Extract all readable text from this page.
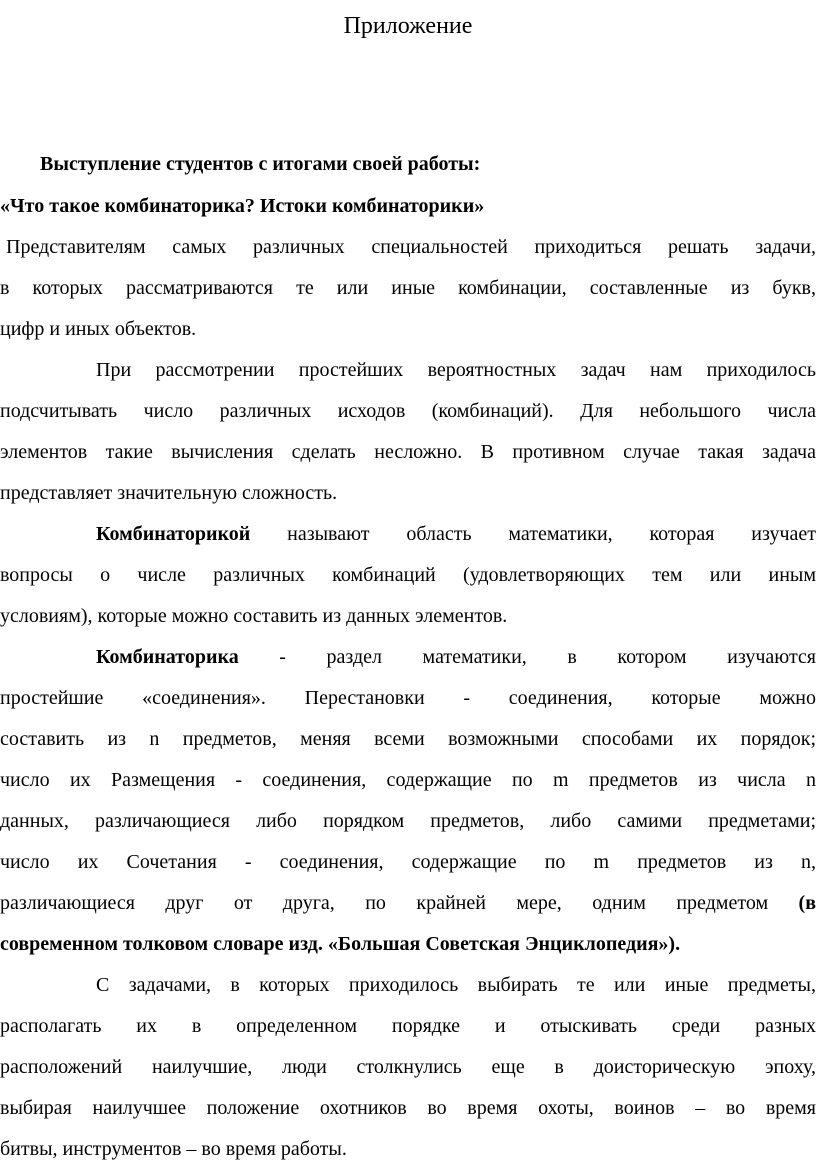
Приложение
Выступление студентов с итогами своей работы:
«Что такое комбинаторика? Истоки комбинаторики»
Представителям самых различных специальностей приходиться решать задачи,
в которых рассматриваются те или иные комбинации, составленные из букв,
цифр и иных объектов.
При рассмотрении простейших вероятностных задач нам приходилось
подсчитывать число различных исходов (комбинаций). Для небольшого числа
элементов такие вычисления сделать несложно. В противном случае такая задача
представляет значительную сложность.
Комбинаторикой называют область математики, которая изучает
вопросы о числе различных комбинаций (удовлетворяющих тем или иным
условиям), которые можно составить из данных элементов.
Комбинаторика - раздел математики, в котором изучаются
простейшие «соединения». Перестановки - соединения, которые можно
составить из n предметов, меняя всеми возможными способами их порядок;
число их Размещения - соединения, содержащие по m предметов из числа n
данных, различающиеся либо порядком предметов, либо самими предметами;
число их Сочетания - соединения, содержащие по m предметов из n,
различающиеся друг от друга, по крайней мере, одним предметом (в
современном толковом словаре изд. «Большая Советская Энциклопедия»).
С задачами, в которых приходилось выбирать те или иные предметы,
располагать их в определенном порядке и отыскивать среди разных
расположений наилучшие, люди столкнулись еще в доисторическую эпоху,
выбирая наилучшее положение охотников во время охоты, воинов – во время
битвы, инструментов – во время работы.
